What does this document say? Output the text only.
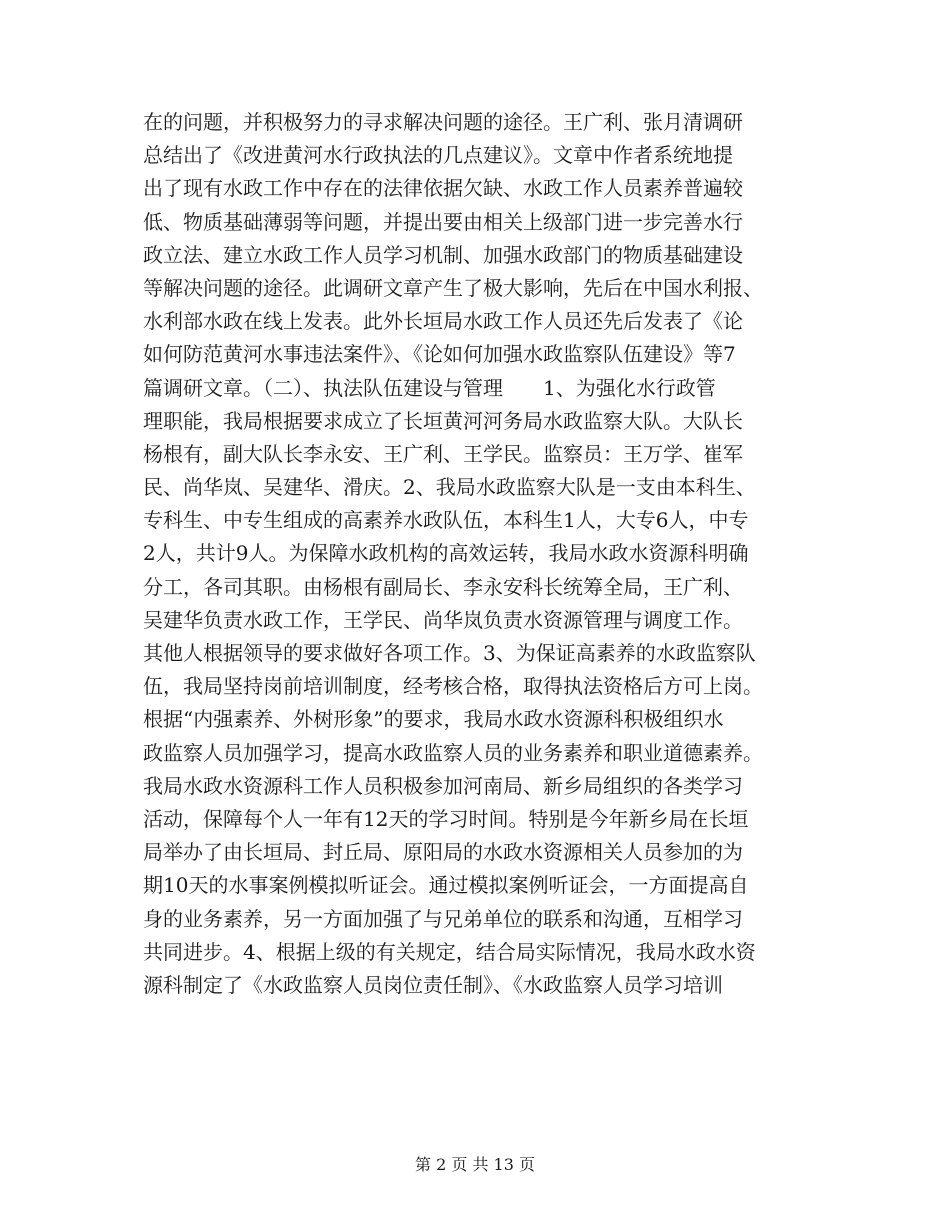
在的问题，并积极努力的寻求解决问题的途径。王广利、张月清调研
总结出了《改进黄河水行政执法的几点建议》。文章中作者系统地提
出了现有水政工作中存在的法律依据欠缺、水政工作人员素养普遍较
低、物质基础薄弱等问题，并提出要由相关上级部门进一步完善水行
政立法、建立水政工作人员学习机制、加强水政部门的物质基础建设
等解决问题的途径。此调研文章产生了极大影响，先后在中国水利报、
水利部水政在线上发表。此外长垣局水政工作人员还先后发表了《论
如何防范黄河水事违法案件》、《论如何加强水政监察队伍建设》等7
篇调研文章。（二）、执法队伍建设与管理　　1、为强化水行政管
理职能，我局根据要求成立了长垣黄河河务局水政监察大队。大队长
杨根有，副大队长李永安、王广利、王学民。监察员：王万学、崔军
民、尚华岚、吴建华、滑庆。2、我局水政监察大队是一支由本科生、
专科生、中专生组成的高素养水政队伍，本科生1人，大专6人，中专
2人，共计9人。为保障水政机构的高效运转，我局水政水资源科明确
分工，各司其职。由杨根有副局长、李永安科长统筹全局，王广利、
吴建华负责水政工作，王学民、尚华岚负责水资源管理与调度工作。
其他人根据领导的要求做好各项工作。3、为保证高素养的水政监察队
伍，我局坚持岗前培训制度，经考核合格，取得执法资格后方可上岗。
根据“内强素养、外树形象”的要求，我局水政水资源科积极组织水
政监察人员加强学习，提高水政监察人员的业务素养和职业道德素养。
我局水政水资源科工作人员积极参加河南局、新乡局组织的各类学习
活动，保障每个人一年有12天的学习时间。特别是今年新乡局在长垣
局举办了由长垣局、封丘局、原阳局的水政水资源相关人员参加的为
期10天的水事案例模拟听证会。通过模拟案例听证会，一方面提高自
身的业务素养，另一方面加强了与兄弟单位的联系和沟通，互相学习
共同进步。4、根据上级的有关规定，结合局实际情况，我局水政水资
源科制定了《水政监察人员岗位责任制》、《水政监察人员学习培训
第 2 页 共 13 页
